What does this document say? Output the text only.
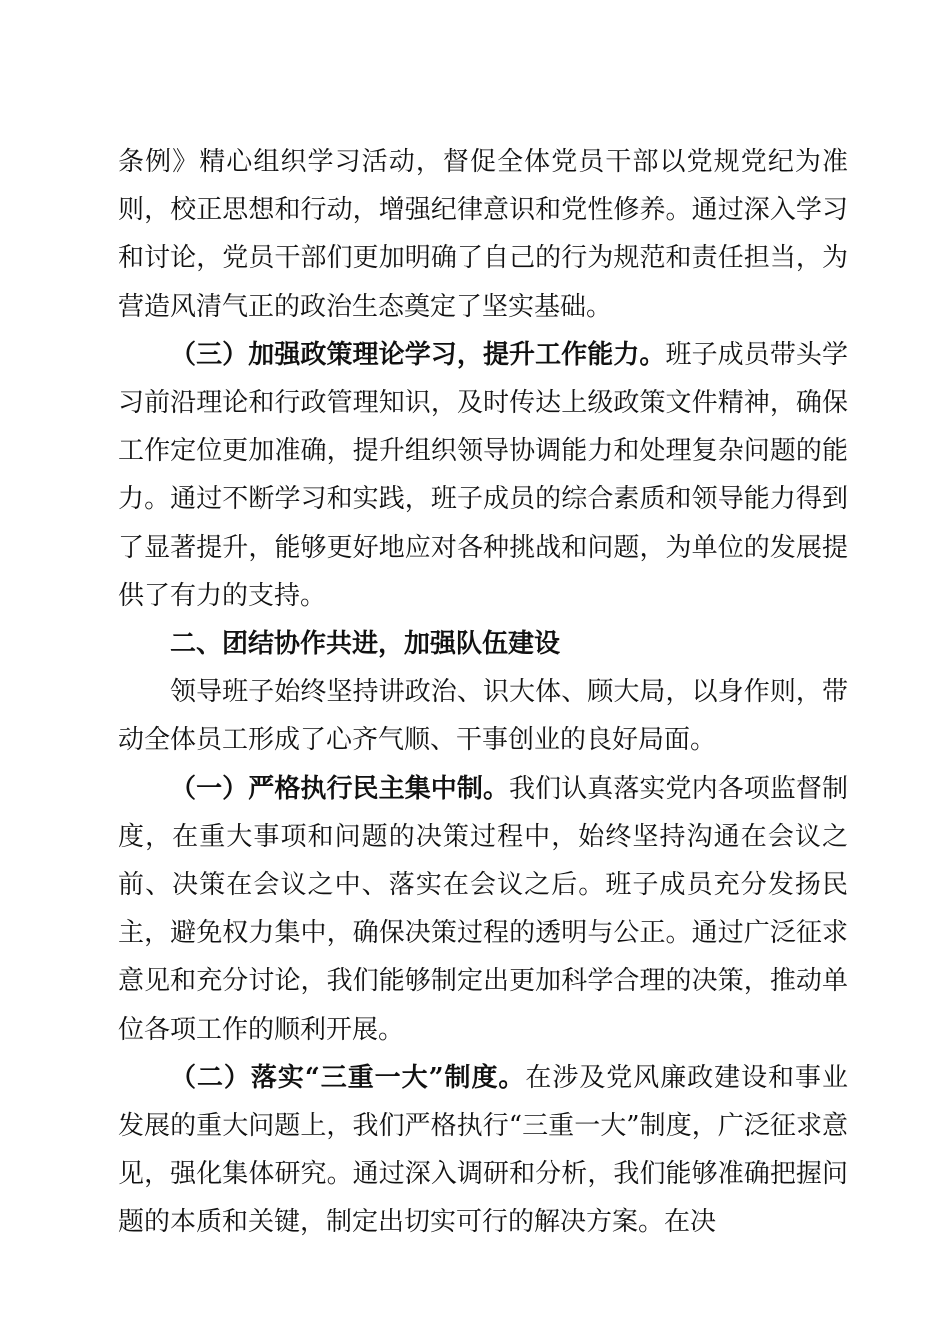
条例》精心组织学习活动，督促全体党员干部以党规党纪为准则，校正思想和行动，增强纪律意识和党性修养。通过深入学习和讨论，党员干部们更加明确了自己的行为规范和责任担当，为营造风清气正的政治生态奠定了坚实基础。

（三）加强政策理论学习，提升工作能力。班子成员带头学习前沿理论和行政管理知识，及时传达上级政策文件精神，确保工作定位更加准确，提升组织领导协调能力和处理复杂问题的能力。通过不断学习和实践，班子成员的综合素质和领导能力得到了显著提升，能够更好地应对各种挑战和问题，为单位的发展提供了有力的支持。

二、团结协作共进，加强队伍建设

领导班子始终坚持讲政治、识大体、顾大局，以身作则，带动全体员工形成了心齐气顺、干事创业的良好局面。

（一）严格执行民主集中制。我们认真落实党内各项监督制度，在重大事项和问题的决策过程中，始终坚持沟通在会议之前、决策在会议之中、落实在会议之后。班子成员充分发扬民主，避免权力集中，确保决策过程的透明与公正。通过广泛征求意见和充分讨论，我们能够制定出更加科学合理的决策，推动单位各项工作的顺利开展。

（二）落实“三重一大”制度。在涉及党风廉政建设和事业发展的重大问题上，我们严格执行“三重一大”制度，广泛征求意见，强化集体研究。通过深入调研和分析，我们能够准确把握问题的本质和关键，制定出切实可行的解决方案。在决
